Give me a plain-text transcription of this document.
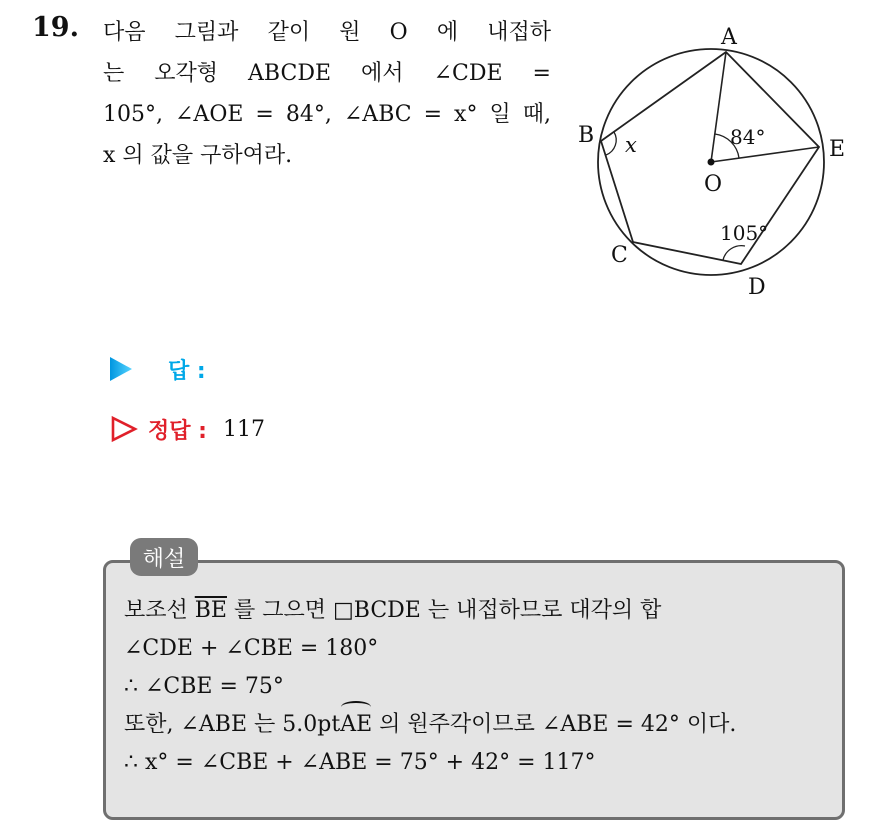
19. 다음 그림과 같이 원 O 에 내접하
는 오각형 ABCDE 에서 ∠CDE =
105°, ∠AOE = 84°, ∠ABC = x° 일 때,
x 의 값을 구하여라.
A
B
C
D
E
O
x	84°
105°
답 :
정답 : 117
해설
보조선 $\overline{BE}$ 를 그으면 □BCDE 는 내접하므로 대각의 합
∠CDE + ∠CBE = 180°
∴ ∠CBE = 75°
또한, ∠ABE 는 5.0ptAE 의 원주각이므로 ∠ABE = 42° 이다.
∴ x° = ∠CBE + ∠ABE = 75° + 42° = 117°
